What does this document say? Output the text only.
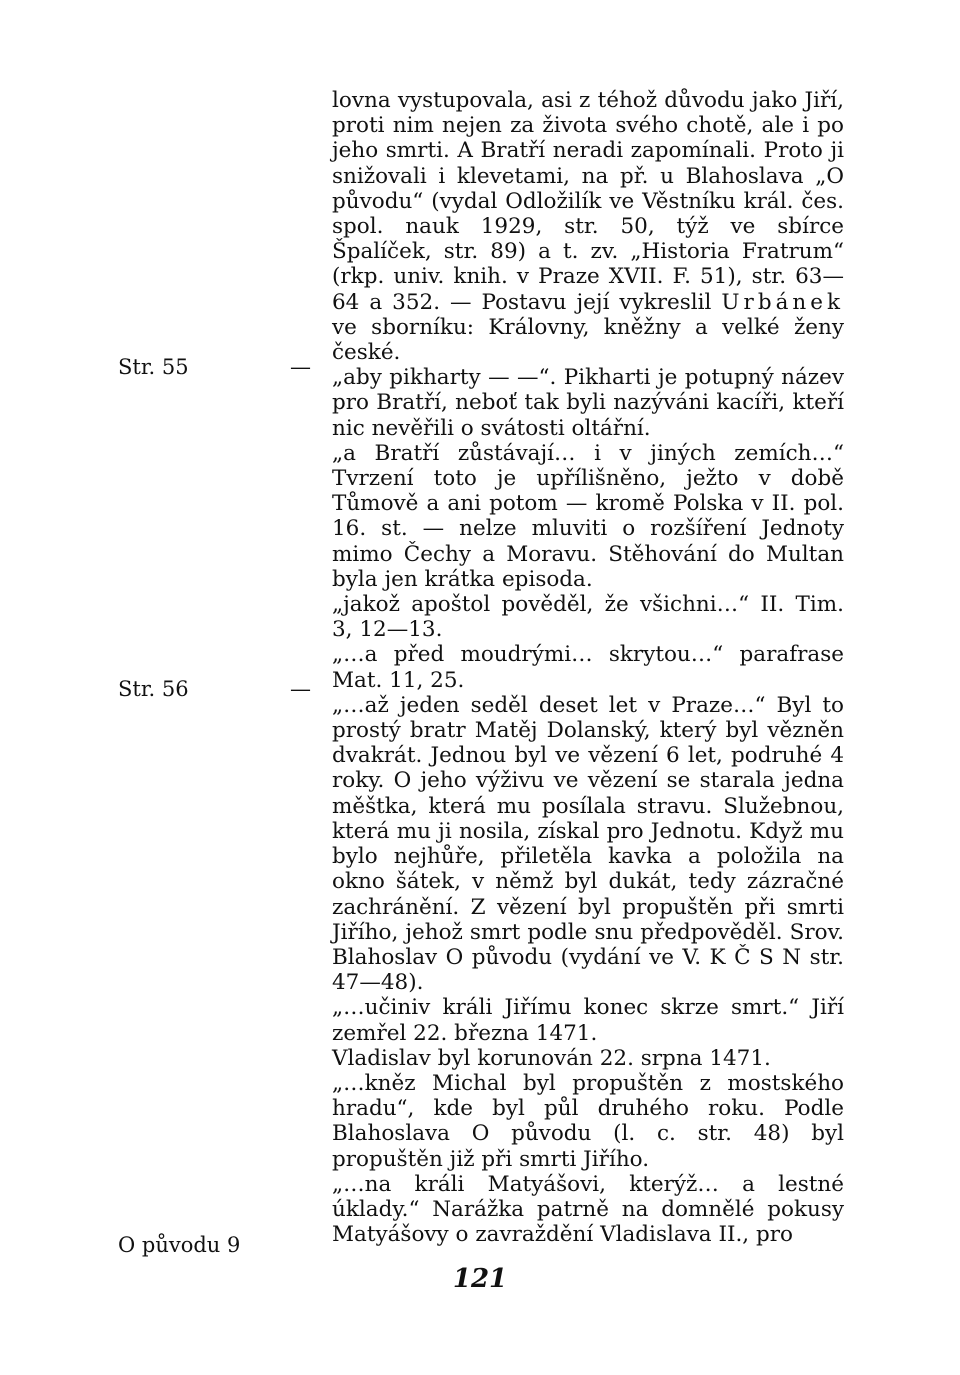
lovna vystupovala, asi z téhož důvodu jako Jiří, proti nim nejen za života svého chotě, ale i po jeho smrti. A Bratří neradi zapomínali. Proto ji snižovali i klevetami, na př. u Blahoslava „O původu“ (vydal Odložilík ve Věstníku král. čes. spol. nauk 1929, str. 50, týž ve sbírce Špalíček, str. 89) a t. zv. „Historia Fratrum“ (rkp. univ. knih. v Praze XVII. F. 51), str. 63—64 a 352. — Postavu její vykreslil Urbánek ve sborníku: Královny, kněžny a velké ženy české.

„aby pikharty — —“. Pikharti je potupný název pro Bratří, neboť tak byli nazýváni kacíři, kteří nic nevěřili o svátosti oltářní.

„a Bratří zůstávají… i v jiných zemích…“ Tvrzení toto je upřílišněno, ježto v době Tůmově a ani potom — kromě Polska v II. pol. 16. st. — nelze mluviti o rozšíření Jednoty mimo Čechy a Moravu. Stěhování do Multan byla jen krátka episoda.

„jakož apoštol pověděl, že všichni…“ II. Tim. 3, 12—13.

„…a před moudrými… skrytou…“ parafrase Mat. 11, 25.

„…až jeden seděl deset let v Praze…“ Byl to prostý bratr Matěj Dolanský, který byl vězněn dvakrát. Jednou byl ve vězení 6 let, podruhé 4 roky. O jeho výživu ve vězení se starala jedna měštka, která mu posílala stravu. Služebnou, která mu ji nosila, získal pro Jednotu. Když mu bylo nejhůře, přiletěla kavka a položila na okno šátek, v němž byl dukát, tedy zázračné zachránění. Z vězení byl propuštěn při smrti Jiřího, jehož smrt podle snu předpověděl. Srov. Blahoslav O původu (vydání ve V. K Č S N str. 47—48).

„…učiniv králi Jiřímu konec skrze smrt.“ Jiří zemřel 22. března 1471.

Vladislav byl korunován 22. srpna 1471.

„…kněz Michal byl propuštěn z mostského hradu“, kde byl půl druhého roku. Podle Blahoslava O původu (l. c. str. 48) byl propuštěn již při smrti Jiřího.

„…na králi Matyášovi, kterýž… a lestné úklady.“ Narážka patrně na domnělé pokusy Matyášovy o zavraždění Vladislava II., pro

Str. 55	—
Str. 56	—
O původu 9
121
